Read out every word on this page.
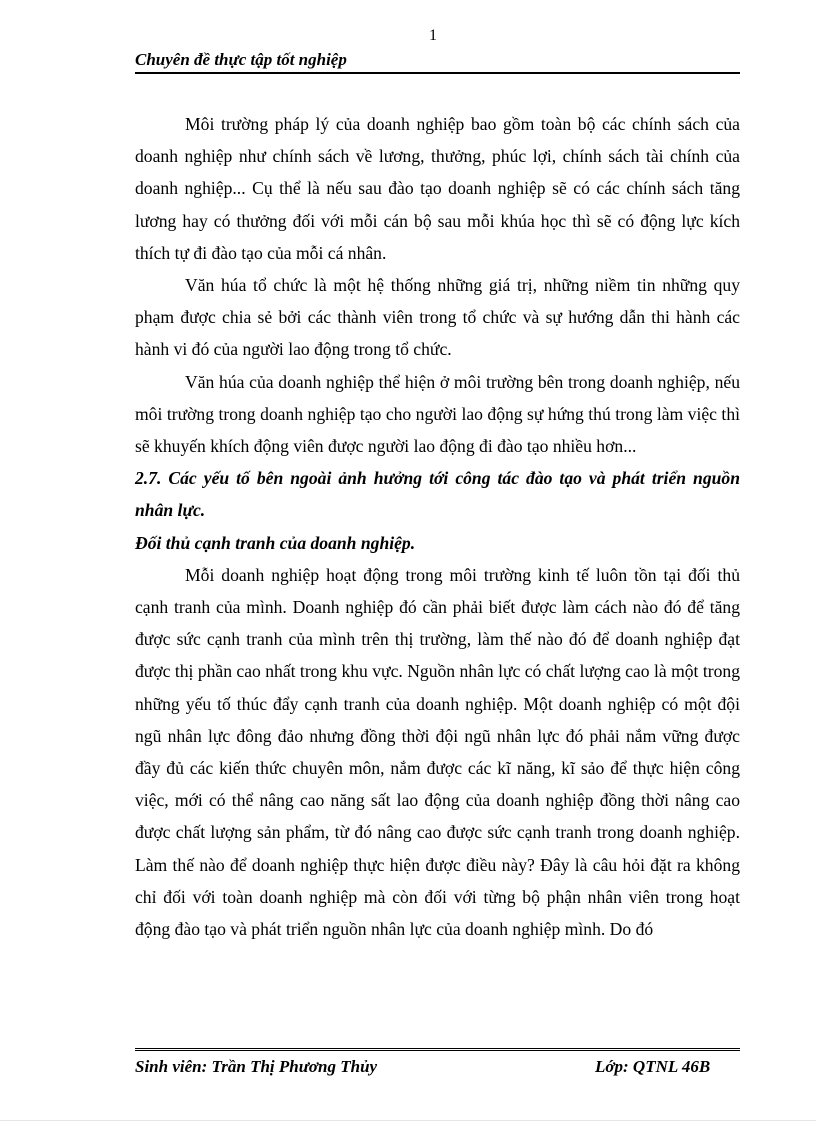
1
Chuyên đề thực tập tốt nghiệp

Môi trường pháp lý của doanh nghiệp bao gồm toàn bộ các chính sách của doanh nghiệp như chính sách về lương, thưởng, phúc lợi, chính sách tài chính của doanh nghiệp... Cụ thể là nếu sau đào tạo doanh nghiệp sẽ có các chính sách tăng lương hay có thưởng đối với mỗi cán bộ sau mỗi khúa học thì sẽ có động lực kích thích tự đi đào tạo của mỗi cá nhân.

Văn húa tổ chức là một hệ thống những giá trị, những niềm tin những quy phạm được chia sẻ bởi các thành viên trong tổ chức và sự hướng dẫn thi hành các hành vi đó của người lao động trong tổ chức.

Văn húa của doanh nghiệp thể hiện ở môi trường bên trong doanh nghiệp, nếu môi trường trong doanh nghiệp tạo cho người lao động sự hứng thú trong làm việc thì sẽ khuyến khích động viên được người lao động đi đào tạo nhiều hơn...

2.7. Các yếu tố bên ngoài ảnh hưởng tới công tác đào tạo và phát triển nguồn nhân lực.
Đối thủ cạnh tranh của doanh nghiệp.

Mỗi doanh nghiệp hoạt động trong môi trường kinh tế luôn tồn tại đối thủ cạnh tranh của mình. Doanh nghiệp đó cần phải biết được làm cách nào đó để tăng được sức cạnh tranh của mình trên thị trường, làm thế nào đó để doanh nghiệp đạt được thị phần cao nhất trong khu vực. Nguồn nhân lực có chất lượng cao là một trong những yếu tố thúc đẩy cạnh tranh của doanh nghiệp. Một doanh nghiệp có một đội ngũ nhân lực đông đảo nhưng đồng thời đội ngũ nhân lực đó phải nắm vững được đầy đủ các kiến thức chuyên môn, nắm được các kĩ năng, kĩ sảo để thực hiện công việc, mới có thể nâng cao năng sất lao động của doanh nghiệp đồng thời nâng cao được chất lượng sản phẩm, từ đó nâng cao được sức cạnh tranh trong doanh nghiệp. Làm thế nào để doanh nghiệp thực hiện được điều này? Đây là câu hỏi đặt ra không chỉ đối với toàn doanh nghiệp mà còn đối với từng bộ phận nhân viên trong hoạt động đào tạo và phát triển nguồn nhân lực của doanh nghiệp mình. Do đó

Sinh viên: Trần Thị Phương Thủy	Lớp: QTNL 46B
